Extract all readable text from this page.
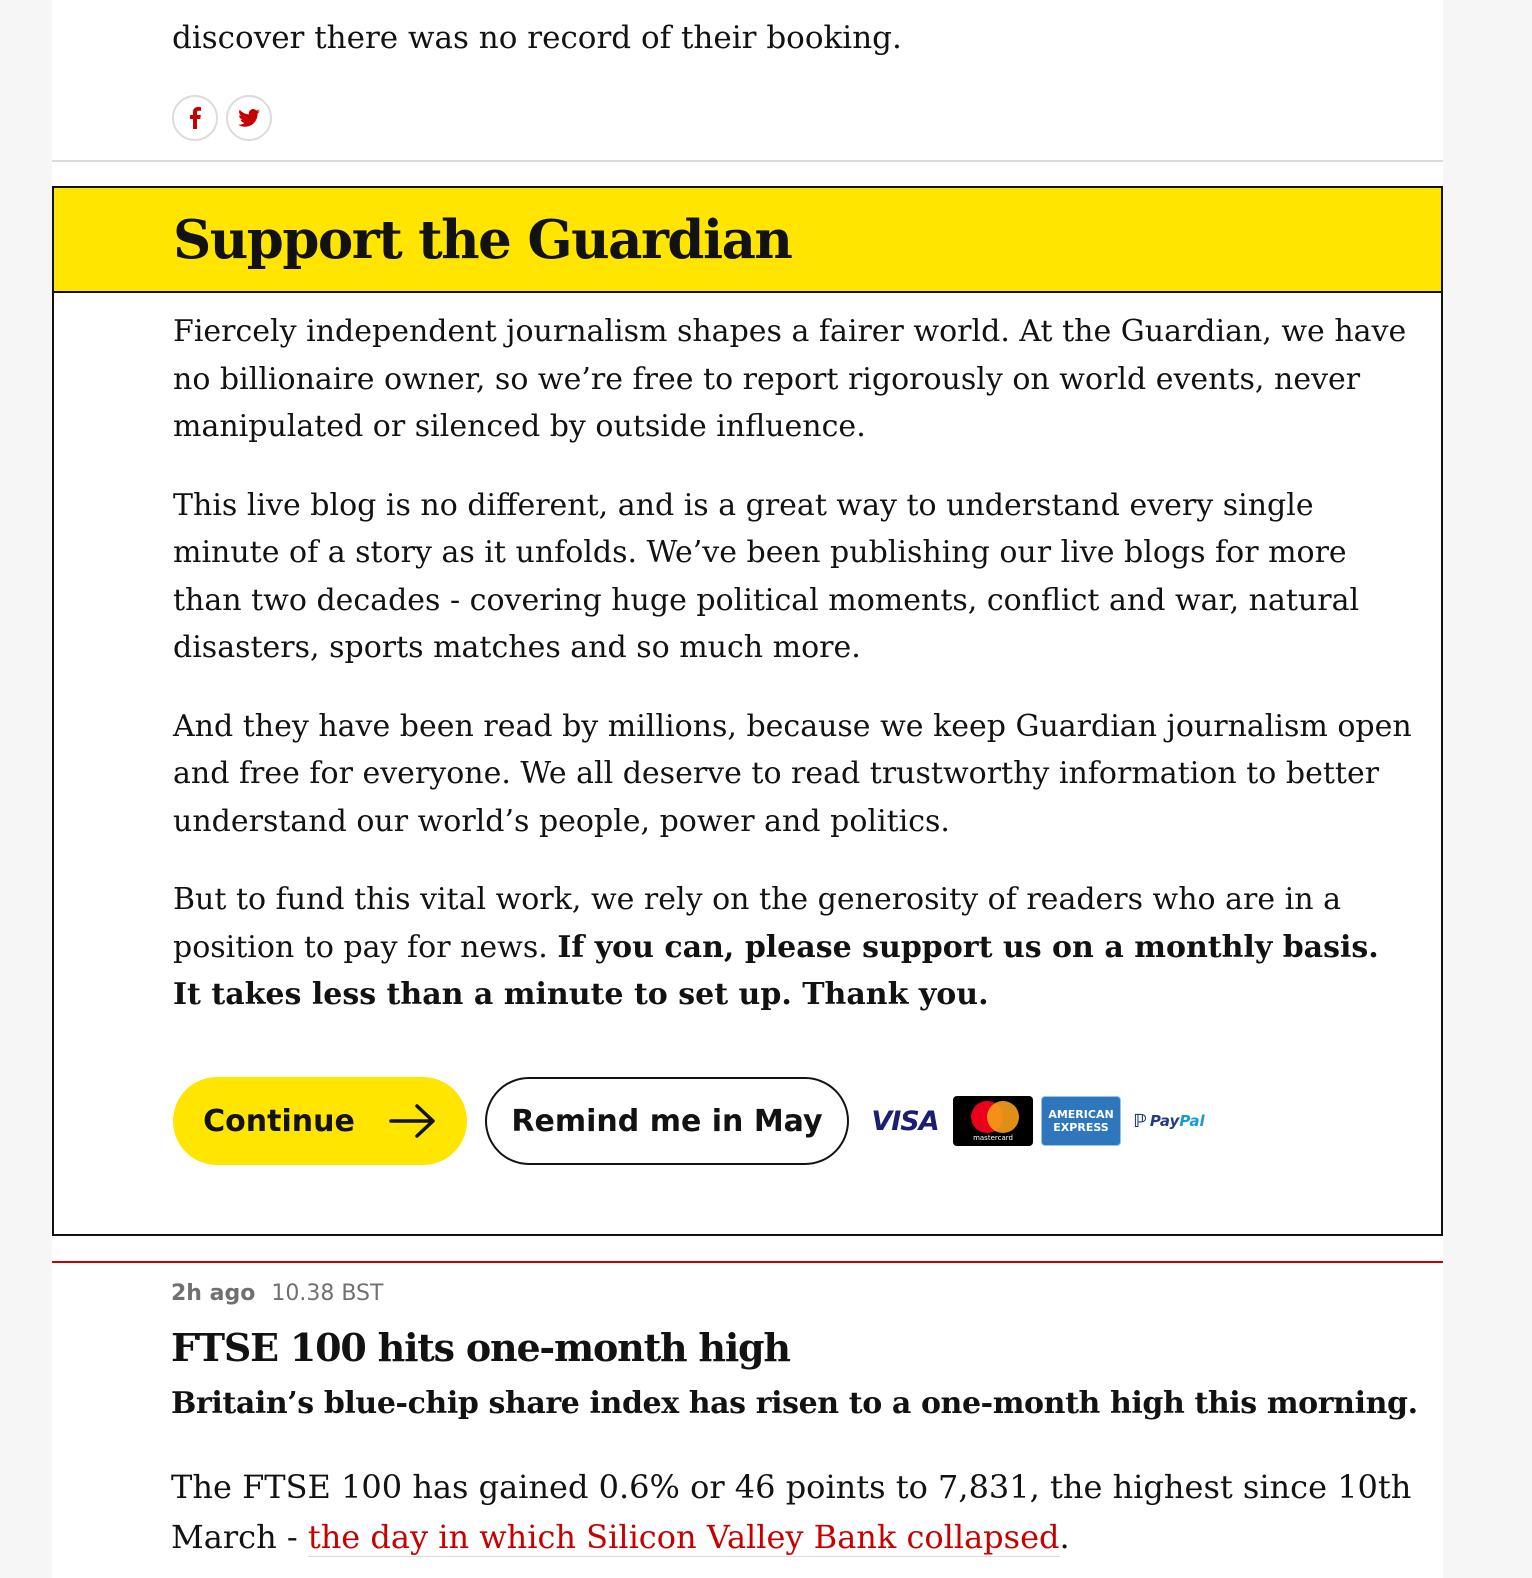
discover there was no record of their booking.

Support the Guardian

Fiercely independent journalism shapes a fairer world. At the Guardian, we have no billionaire owner, so we’re free to report rigorously on world events, never manipulated or silenced by outside influence.

This live blog is no different, and is a great way to understand every single minute of a story as it unfolds. We’ve been publishing our live blogs for more than two decades - covering huge political moments, conflict and war, natural disasters, sports matches and so much more.

And they have been read by millions, because we keep Guardian journalism open and free for everyone. We all deserve to read trustworthy information to better understand our world’s people, power and politics.

But to fund this vital work, we rely on the generosity of readers who are in a position to pay for news. If you can, please support us on a monthly basis. It takes less than a minute to set up. Thank you.

Continue	Remind me in May	VISA
mastercard
AMERICAN
EXPRESS ℙ PayPal
2h ago 10.38 BST
FTSE 100 hits one-month high

Britain’s blue-chip share index has risen to a one-month high this morning.

The FTSE 100 has gained 0.6% or 46 points to 7,831, the highest since 10th March - the day in which Silicon Valley Bank collapsed.
